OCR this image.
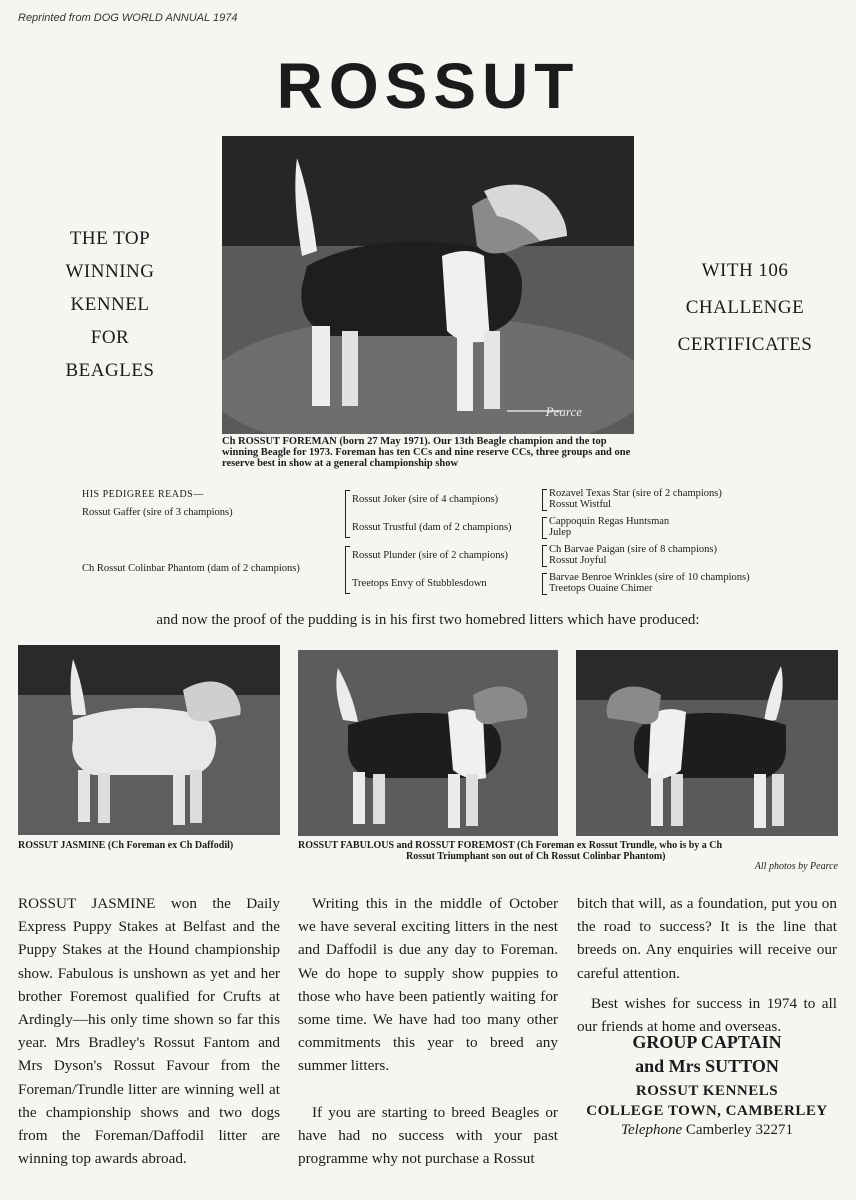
Reprinted from DOG WORLD ANNUAL 1974
ROSSUT
THE TOP
WINNING
KENNEL
FOR
BEAGLES
WITH 106
CHALLENGE
CERTIFICATES
Pearce
Ch ROSSUT FOREMAN (born 27 May 1971). Our 13th Beagle champion and the top winning Beagle for 1973. Foreman has ten CCs and nine reserve CCs, three groups and one reserve best in show at a general championship show
HIS PEDIGREE READS—
Rossut Gaffer (sire of 3 champions)
Ch Rossut Colinbar Phantom (dam of 2 champions)
Rossut Joker (sire of 4 champions)
Rossut Trustful (dam of 2 champions)
Rossut Plunder (sire of 2 champions)
Treetops Envy of Stubblesdown
Rozavel Texas Star (sire of 2 champions)
Rossut Wistful
Cappoquin Regas Huntsman
Julep
Ch Barvae Paigan (sire of 8 champions)
Rossut Joyful
Barvae Benroe Wrinkles (sire of 10 champions)
Treetops Ouaine Chimer
and now the proof of the pudding is in his first two homebred litters which have produced:
ROSSUT JASMINE (Ch Foreman ex Ch Daffodil)	ROSSUT FABULOUS and ROSSUT FOREMOST (Ch Foreman ex Rossut Trundle, who is by a Ch
Rossut Triumphant son out of Ch Rossut Colinbar Phantom)
All photos by Pearce

ROSSUT JASMINE won the Daily Express Puppy Stakes at Belfast and the Puppy Stakes at the Hound championship show. Fabulous is unshown as yet and her brother Foremost qualified for Crufts at Ardingly—his only time shown so far this year. Mrs Bradley's Rossut Fantom and Mrs Dyson's Rossut Favour from the Foreman/Trundle litter are winning well at the championship shows and two dogs from the Foreman/Daffodil litter are winning top awards abroad.

Writing this in the middle of October we have several exciting litters in the nest and Daffodil is due any day to Foreman. We do hope to supply show puppies to those who have been patiently waiting for some time. We have had too many other commitments this year to breed any summer litters.

If you are starting to breed Beagles or have had no success with your past programme why not purchase a Rossut

bitch that will, as a foundation, put you on the road to success? It is the line that breeds on. Any enquiries will receive our careful attention.

Best wishes for success in 1974 to all our friends at home and overseas.

GROUP CAPTAIN
and Mrs SUTTON
ROSSUT KENNELS
COLLEGE TOWN, CAMBERLEY
Telephone Camberley 32271
